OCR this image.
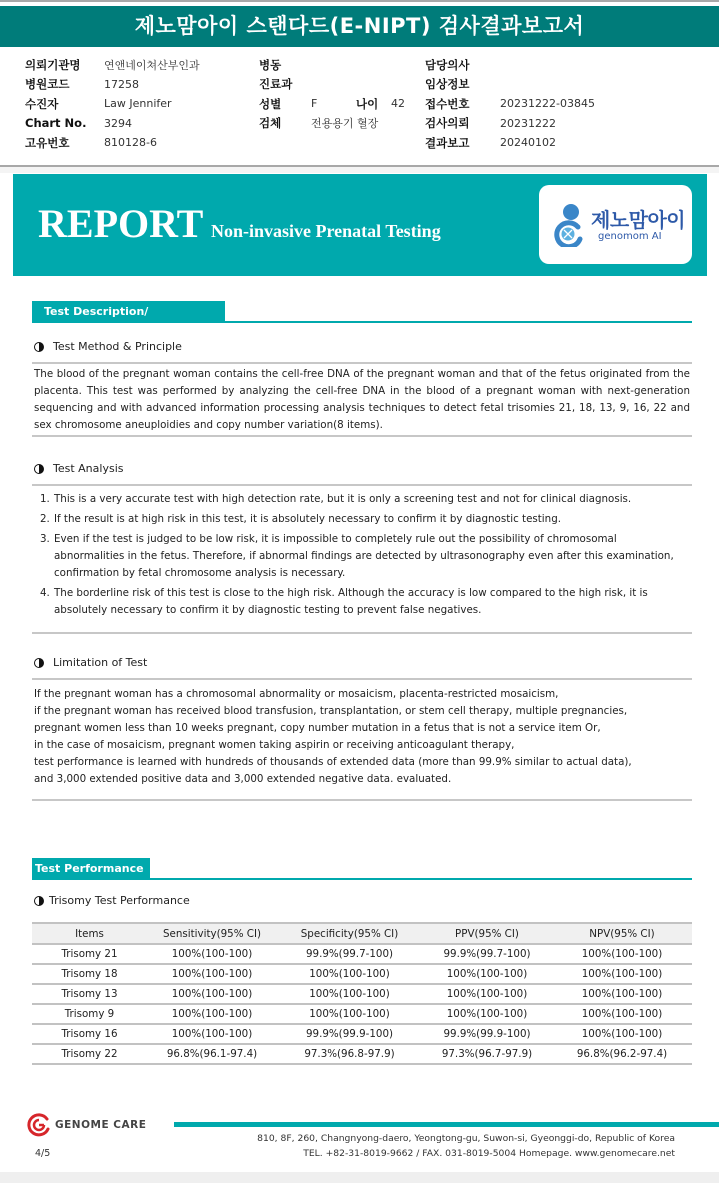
제노맘아이 스탠다드(E-NIPT) 검사결과보고서
의뢰기관명	연앤네이쳐산부인과
병원코드	17258
수진자	Law Jennifer
Chart No.	3294
고유번호	810128-6
병동
진료과
성별	F	나이	42
검체	전용용기 혈장
담당의사
임상정보
접수번호	20231222-03845
검사의뢰	20231222
결과보고	20240102
REPORT Non-invasive Prenatal Testing	제노맘아이
genomom AI
Test Description/ Interpretation
Test Method & Principle
The blood of the pregnant woman contains the cell-free DNA of the pregnant woman and that of the fetus originated from the placenta. This test was performed by analyzing the cell-free DNA in the blood of a pregnant woman with next-generation sequencing and with advanced information processing analysis techniques to detect fetal trisomies 21, 18, 13, 9, 16, 22 and sex chromosome aneuploidies and copy number variation(8 items).
Test Analysis
1. This is a very accurate test with high detection rate, but it is only a screening test and not for clinical diagnosis.
2. If the result is at high risk in this test, it is absolutely necessary to confirm it by diagnostic testing.
3. Even if the test is judged to be low risk, it is impossible to completely rule out the possibility of chromosomal abnormalities in the fetus. Therefore, if abnormal findings are detected by ultrasonography even after this examination, confirmation by fetal chromosome analysis is necessary.
4. The borderline risk of this test is close to the high risk. Although the accuracy is low compared to the high risk, it is absolutely necessary to confirm it by diagnostic testing to prevent false negatives.
Limitation of Test
If the pregnant woman has a chromosomal abnormality or mosaicism, placenta-restricted mosaicism,
if the pregnant woman has received blood transfusion, transplantation, or stem cell therapy, multiple pregnancies,
pregnant women less than 10 weeks pregnant, copy number mutation in a fetus that is not a service item Or,
in the case of mosaicism, pregnant women taking aspirin or receiving anticoagulant therapy,
test performance is learned with hundreds of thousands of extended data (more than 99.9% similar to actual data),
and 3,000 extended positive data and 3,000 extended negative data. evaluated.
Test Performance
Trisomy Test Performance
Items	Sensitivity(95% CI)	Specificity(95% CI)	PPV(95% CI)	NPV(95% CI)
Trisomy 21	100%(100-100)	99.9%(99.7-100)	99.9%(99.7-100)	100%(100-100)
Trisomy 18	100%(100-100)	100%(100-100)	100%(100-100)	100%(100-100)
Trisomy 13	100%(100-100)	100%(100-100)	100%(100-100)	100%(100-100)
Trisomy 9	100%(100-100)	100%(100-100)	100%(100-100)	100%(100-100)
Trisomy 16	100%(100-100)	99.9%(99.9-100)	99.9%(99.9-100)	100%(100-100)
Trisomy 22	96.8%(96.1-97.4)	97.3%(96.8-97.9)	97.3%(96.7-97.9)	96.8%(96.2-97.4)
GENOME CARE
810, 8F, 260, Changnyong-daero, Yeongtong-gu, Suwon-si, Gyeonggi-do, Republic of Korea
TEL. +82-31-8019-9662 / FAX. 031-8019-5004 Homepage. www.genomecare.net
4/5
